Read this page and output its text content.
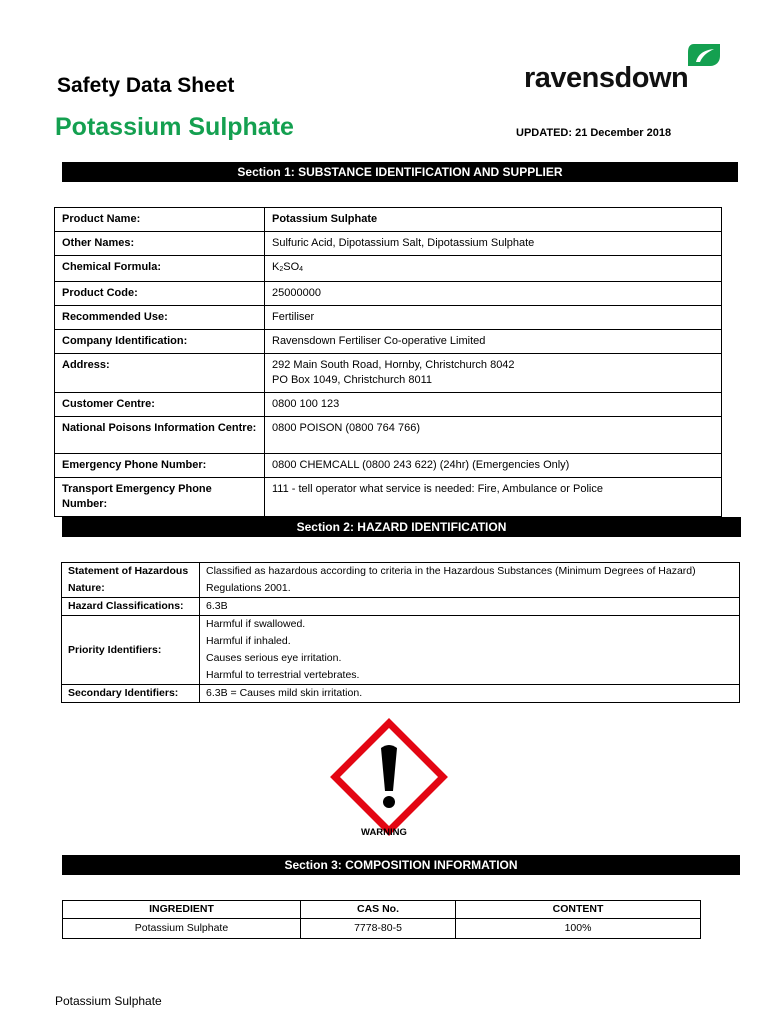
Safety Data Sheet
Potassium Sulphate	UPDATED: 21 December 2018
ravensdown
Section 1: SUBSTANCE IDENTIFICATION AND SUPPLIER
Product Name:	Potassium Sulphate
Other Names:	Sulfuric Acid, Dipotassium Salt, Dipotassium Sulphate
Chemical Formula:	$K_2SO_4$
Product Code:	25000000
Recommended Use:	Fertiliser
Company Identification:	Ravensdown Fertiliser Co-operative Limited
Address:	292 Main South Road, Hornby, Christchurch 8042
PO Box 1049, Christchurch 8011

Customer Centre:	0800 100 123
National Poisons Information Centre:	0800 POISON (0800 764 766)
Emergency Phone Number:	0800 CHEMCALL (0800 243 622) (24hr) (Emergencies Only)
Transport Emergency Phone Number:	111 - tell operator what service is needed: Fire, Ambulance or Police
Section 2: HAZARD IDENTIFICATION
Statement of Hazardous Nature:	Classified as hazardous according to criteria in the Hazardous Substances (Minimum Degrees of Hazard) Regulations 2001.
Hazard Classifications:	6.3B
Priority Identifiers:	Harmful if swallowed.
Harmful if inhaled.
Causes serious eye irritation.
Harmful to terrestrial vertebrates.

Secondary Identifiers:	6.3B = Causes mild skin irritation.
WARNING
Section 3: COMPOSITION INFORMATION
INGREDIENT	CAS No.	CONTENT
Potassium Sulphate	7778-80-5	100%
Potassium Sulphate
